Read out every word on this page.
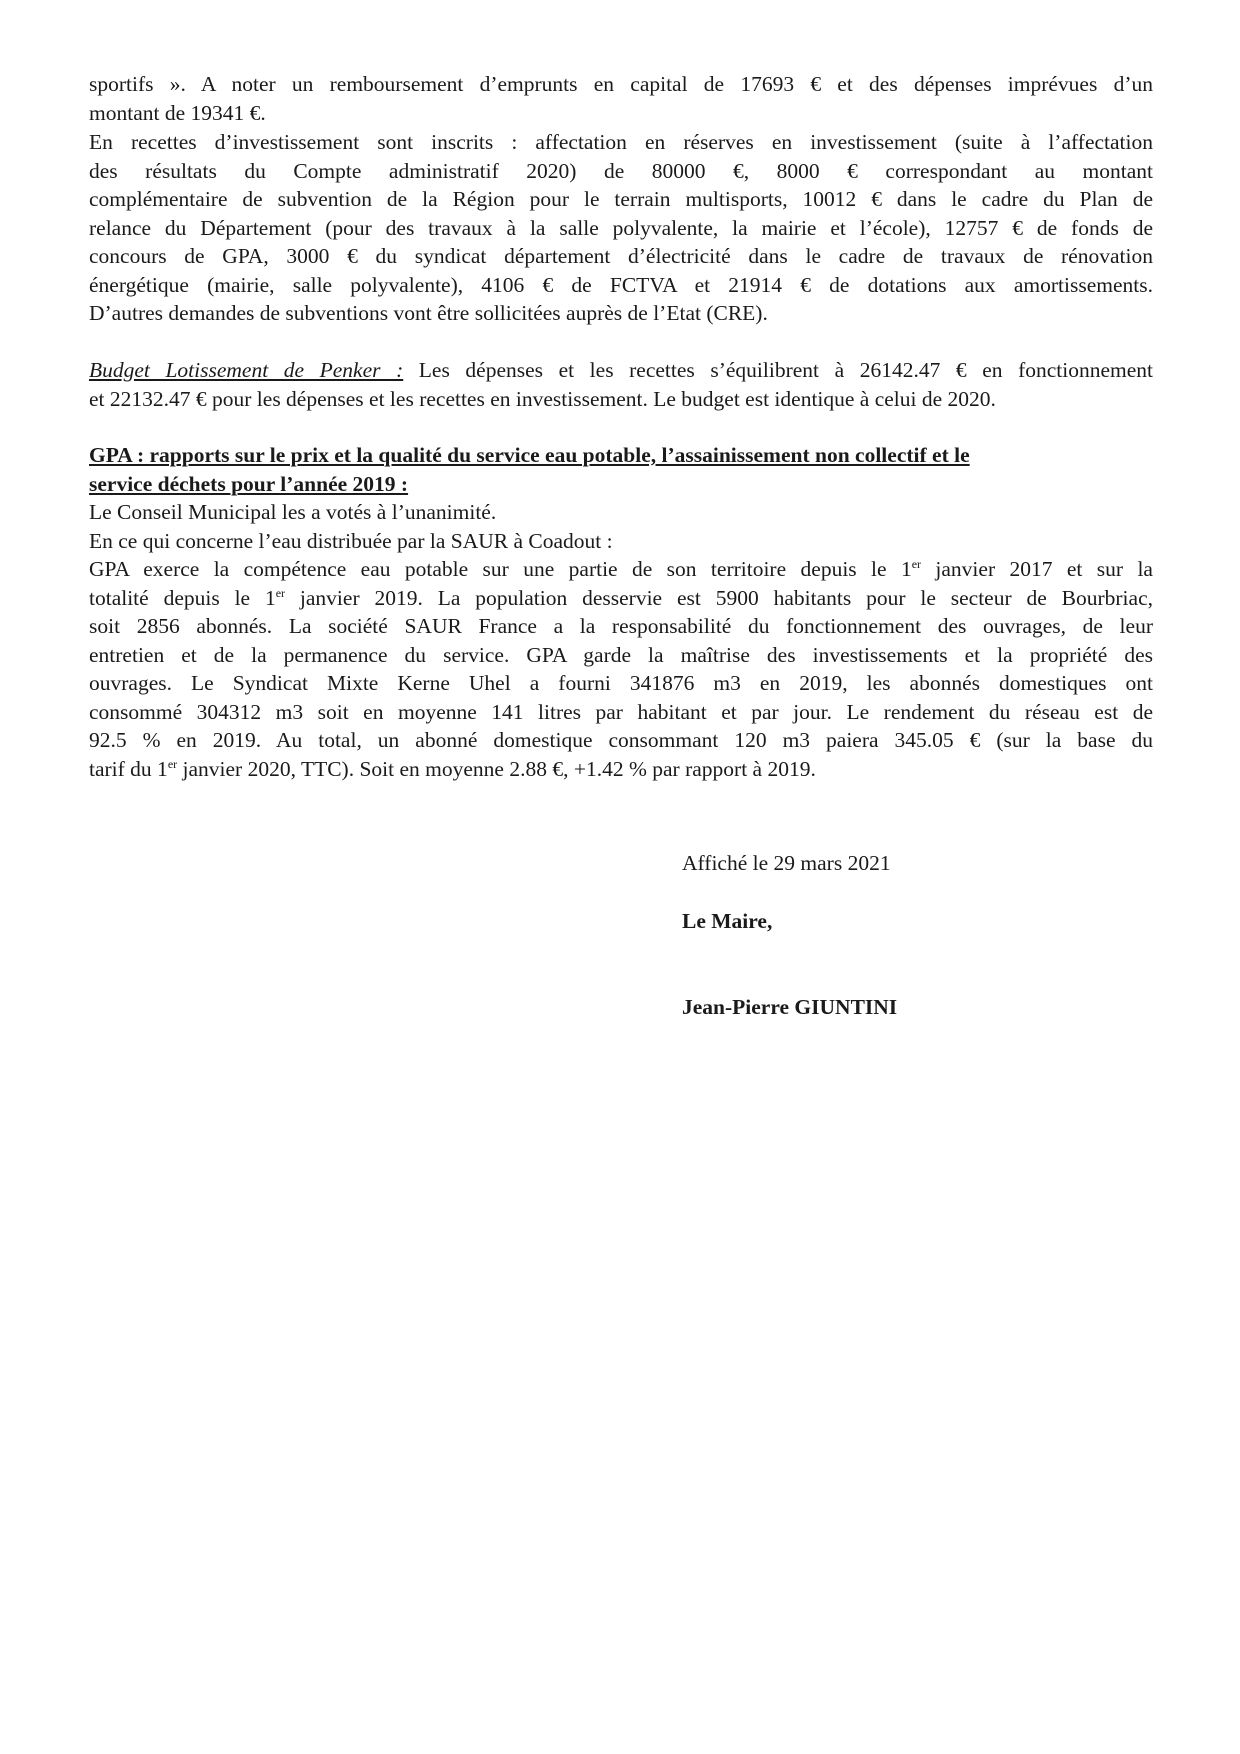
sportifs ». A noter un remboursement d’emprunts en capital de 17693 € et des dépenses imprévues d’un

montant de 19341 €.

En recettes d’investissement sont inscrits : affectation en réserves en investissement (suite à l’affectation

des résultats du Compte administratif 2020) de 80000 €, 8000 € correspondant au montant

complémentaire de subvention de la Région pour le terrain multisports, 10012 € dans le cadre du Plan de

relance du Département (pour des travaux à la salle polyvalente, la mairie et l’école), 12757 € de fonds de

concours de GPA, 3000 € du syndicat département d’électricité dans le cadre de travaux de rénovation

énergétique (mairie, salle polyvalente), 4106 € de FCTVA et 21914 € de dotations aux amortissements.

D’autres demandes de subventions vont être sollicitées auprès de l’Etat (CRE).

Budget Lotissement de Penker : Les dépenses et les recettes s’équilibrent à 26142.47 € en fonctionnement

et 22132.47 € pour les dépenses et les recettes en investissement. Le budget est identique à celui de 2020.

GPA : rapports sur le prix et la qualité du service eau potable, l’assainissement non collectif et le

service déchets pour l’année 2019 :

Le Conseil Municipal les a votés à l’unanimité.

En ce qui concerne l’eau distribuée par la SAUR à Coadout :

GPA exerce la compétence eau potable sur une partie de son territoire depuis le 1er janvier 2017 et sur la

totalité depuis le 1er janvier 2019. La population desservie est 5900 habitants pour le secteur de Bourbriac,

soit 2856 abonnés. La société SAUR France a la responsabilité du fonctionnement des ouvrages, de leur

entretien et de la permanence du service. GPA garde la maîtrise des investissements et la propriété des

ouvrages. Le Syndicat Mixte Kerne Uhel a fourni 341876 m3 en 2019, les abonnés domestiques ont

consommé 304312 m3 soit en moyenne 141 litres par habitant et par jour. Le rendement du réseau est de

92.5 % en 2019. Au total, un abonné domestique consommant 120 m3 paiera 345.05 € (sur la base du

tarif du 1er janvier 2020, TTC). Soit en moyenne 2.88 €, +1.42 % par rapport à 2019.

Affiché le 29 mars 2021

Le Maire,

Jean-Pierre GIUNTINI
